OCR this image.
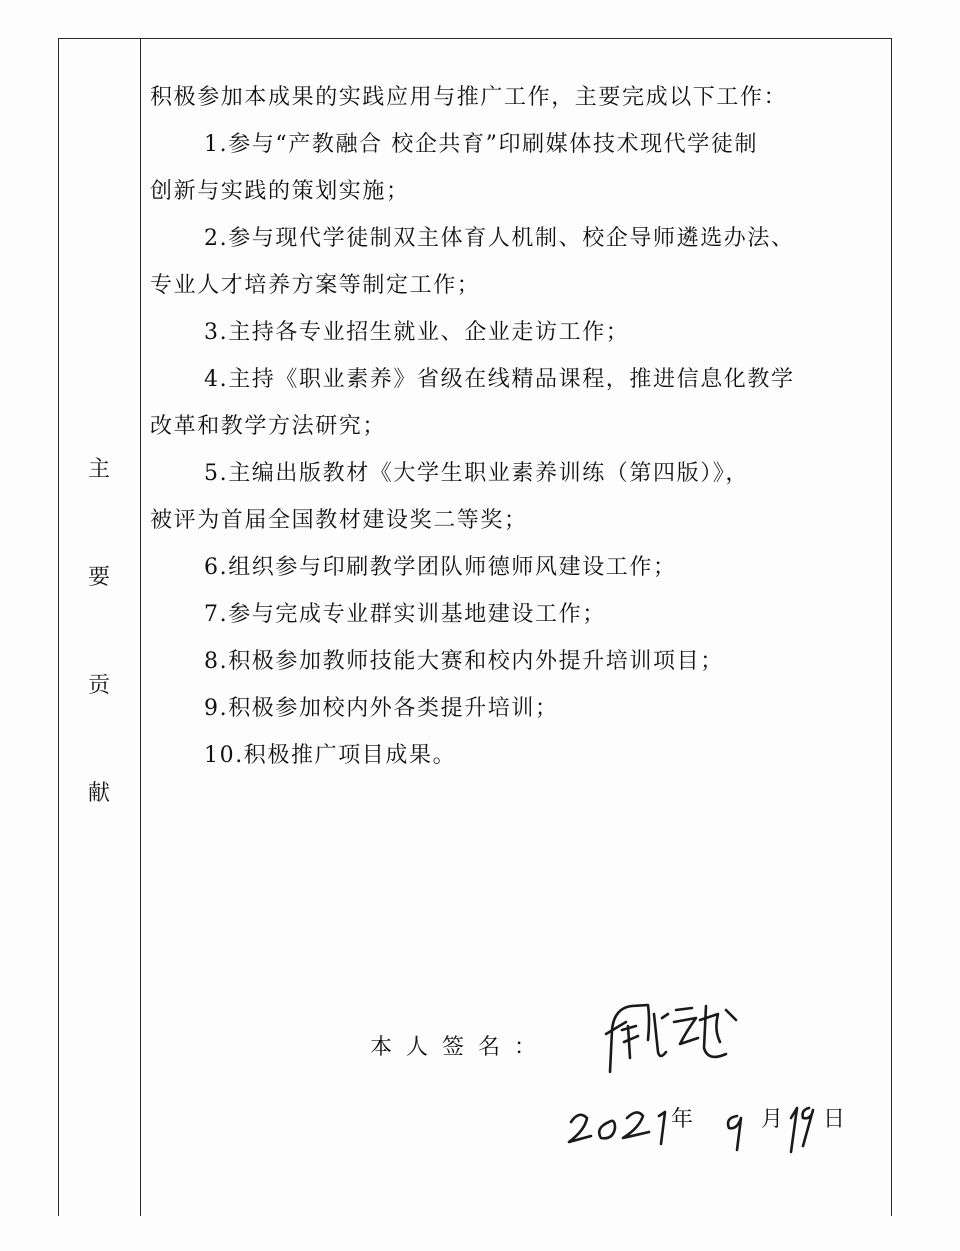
主
要
贡
献
积极参加本成果的实践应用与推广工作，主要完成以下工作：
1.参与“产教融合 校企共育”印刷媒体技术现代学徒制
创新与实践的策划实施；
2.参与现代学徒制双主体育人机制、校企导师遴选办法、
专业人才培养方案等制定工作；
3.主持各专业招生就业、企业走访工作；
4.主持《职业素养》省级在线精品课程，推进信息化教学
改革和教学方法研究；
5.主编出版教材《大学生职业素养训练（第四版）》，
被评为首届全国教材建设奖二等奖；
6.组织参与印刷教学团队师德师风建设工作；
7.参与完成专业群实训基地建设工作；
8.积极参加教师技能大赛和校内外提升培训项目；
9.积极参加校内外各类提升培训；
10.积极推广项目成果。
本人签名：
年	月 日
